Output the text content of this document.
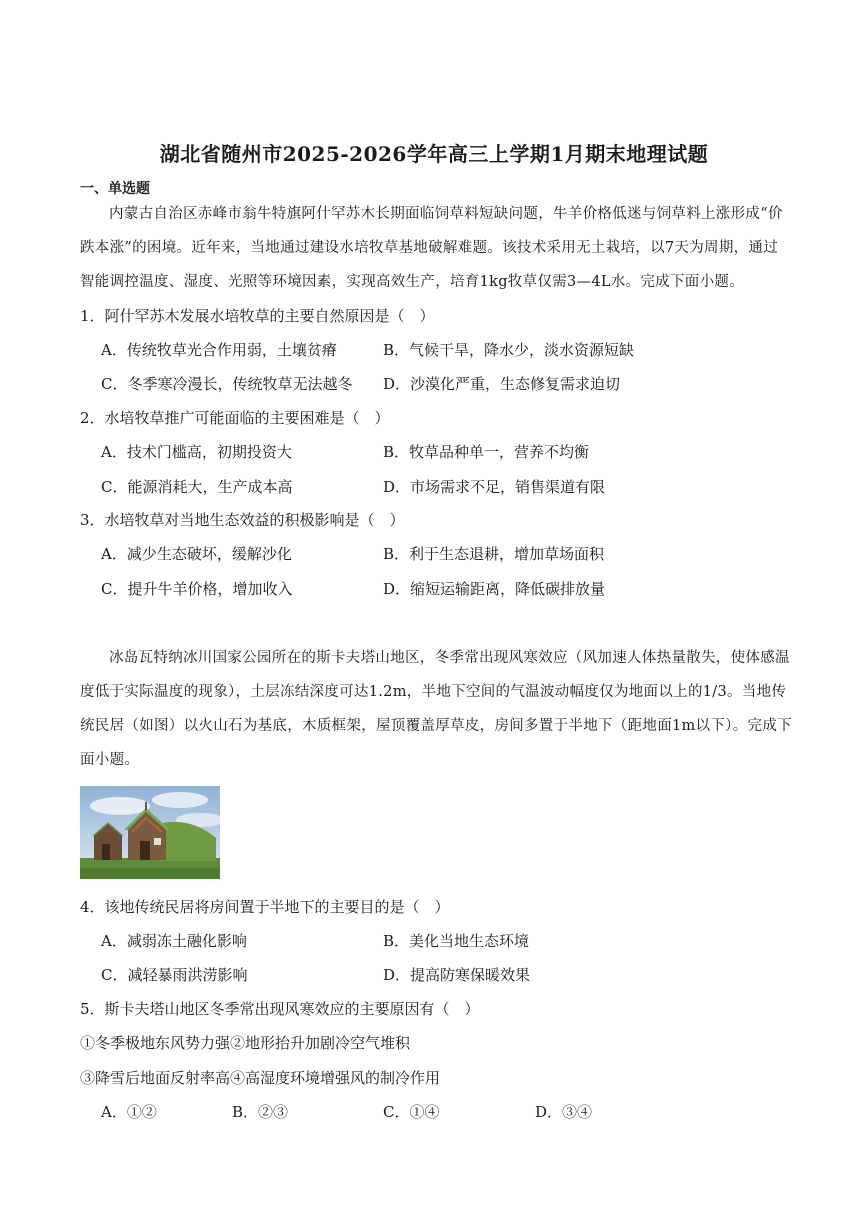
湖北省随州市2025-2026学年高三上学期1月期末地理试题
一、单选题
内蒙古自治区赤峰市翁牛特旗阿什罕苏木长期面临饲草料短缺问题，牛羊价格低迷与饲草料上涨形成“价跌本涨”的困境。近年来，当地通过建设水培牧草基地破解难题。该技术采用无土栽培，以7天为周期，通过智能调控温度、湿度、光照等环境因素，实现高效生产，培育1kg牧草仅需3—4L水。完成下面小题。
1．阿什罕苏木发展水培牧草的主要自然原因是（　）
A．传统牧草光合作用弱，土壤贫瘠	B．气候干旱，降水少，淡水资源短缺
C．冬季寒冷漫长，传统牧草无法越冬 D．沙漠化严重，生态修复需求迫切
2．水培牧草推广可能面临的主要困难是（　）
A．技术门槛高，初期投资大	B．牧草品种单一，营养不均衡
C．能源消耗大，生产成本高	D．市场需求不足，销售渠道有限
3．水培牧草对当地生态效益的积极影响是（　）
A．减少生态破坏，缓解沙化	B．利于生态退耕，增加草场面积
C．提升牛羊价格，增加收入	D．缩短运输距离，降低碳排放量
冰岛瓦特纳冰川国家公园所在的斯卡夫塔山地区，冬季常出现风寒效应（风加速人体热量散失，使体感温度低于实际温度的现象），土层冻结深度可达1.2m，半地下空间的气温波动幅度仅为地面以上的1/3。当地传统民居（如图）以火山石为基底，木质框架，屋顶覆盖厚草皮，房间多置于半地下（距地面1m以下）。完成下面小题。
4．该地传统民居将房间置于半地下的主要目的是（　）
A．减弱冻土融化影响	B．美化当地生态环境
C．减轻暴雨洪涝影响	D．提高防寒保暖效果
5．斯卡夫塔山地区冬季常出现风寒效应的主要原因有（　）
①冬季极地东风势力强②地形抬升加剧冷空气堆积
③降雪后地面反射率高④高湿度环境增强风的制冷作用
A．①②	B．②③	C．①④	D．③④
